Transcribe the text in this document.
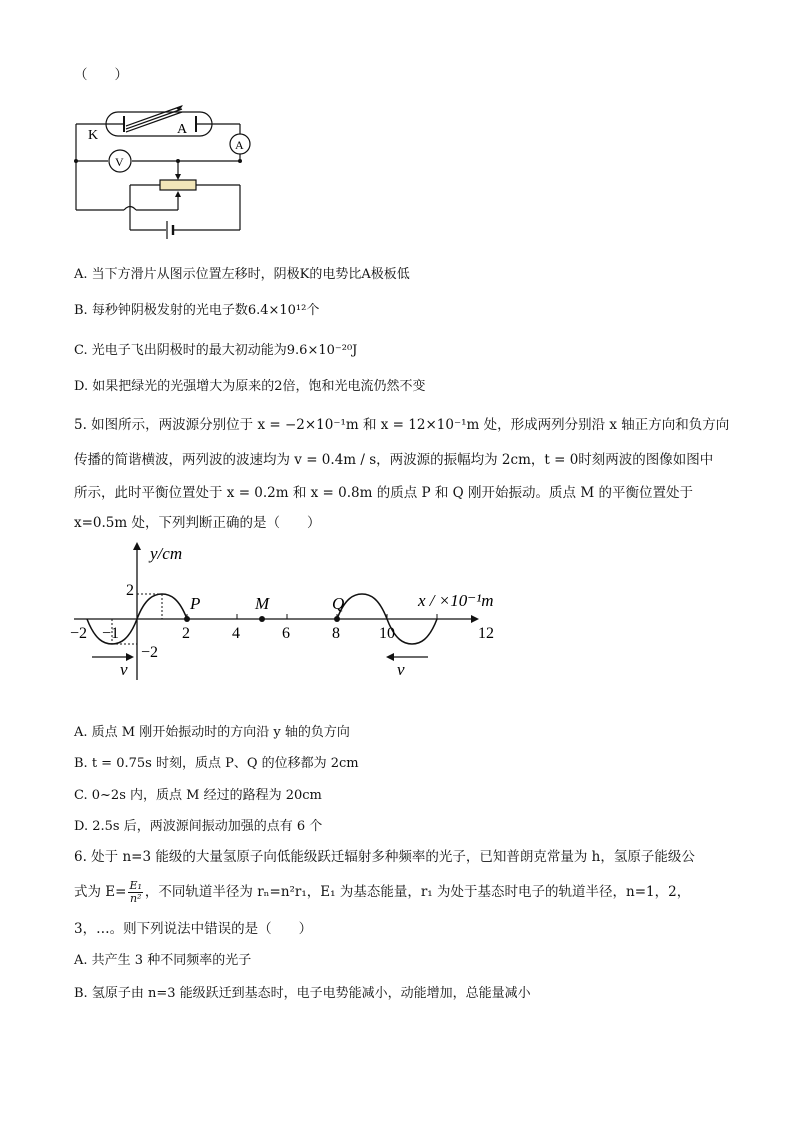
（　　）
K	A
A
V
A. 当下方滑片从图示位置左移时，阴极K的电势比A极板低
B. 每秒钟阴极发射的光电子数6.4×10¹²个
C. 光电子飞出阴极时的最大初动能为9.6×10⁻²⁰J
D. 如果把绿光的光强增大为原来的2倍，饱和光电流仍然不变
5. 如图所示，两波源分别位于 x = −2×10⁻¹m 和 x = 12×10⁻¹m 处，形成两列分别沿 x 轴正方向和负方向
传播的简谐横波，两列波的波速均为 v = 0.4m / s，两波源的振幅均为 2cm，t = 0时刻两波的图像如图中
所示，此时平衡位置处于 x = 0.2m 和 x = 0.8m 的质点 P 和 Q 刚开始振动。质点 M 的平衡位置处于
x=0.5m 处，下列判断正确的是（　　）
y/cm
x / ×10⁻¹m
2
−2
−2 −1	2	4	6	8 10	12
P	M	Q
v	v
A. 质点 M 刚开始振动时的方向沿 y 轴的负方向
B. t = 0.75s 时刻，质点 P、Q 的位移都为 2cm
C. 0~2s 内，质点 M 经过的路程为 20cm
D. 2.5s 后，两波源间振动加强的点有 6 个
6. 处于 n=3 能级的大量氢原子向低能级跃迁辐射多种频率的光子，已知普朗克常量为 h，氢原子能级公
式为 $E= \frac{\text{E₁}}{\text{n²}}$ ，不同轨道半径为 rₙ=n²r₁，E₁ 为基态能量，r₁ 为处于基态时电子的轨道半径，n=1，2，
3，…。则下列说法中错误的是（　　）
A. 共产生 3 种不同频率的光子
B. 氢原子由 n=3 能级跃迁到基态时，电子电势能减小，动能增加，总能量减小
